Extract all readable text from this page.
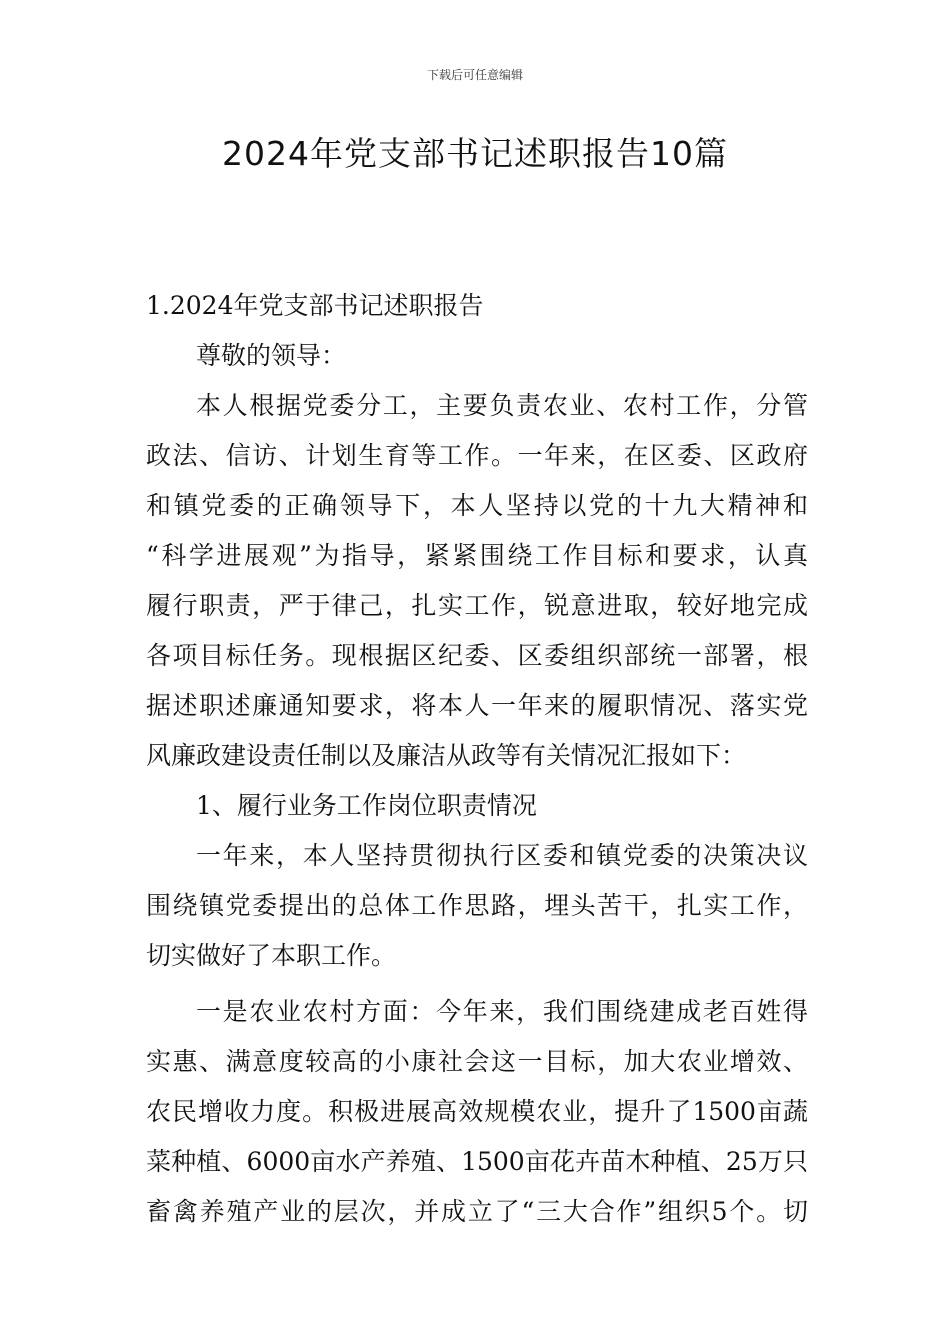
下载后可任意编辑
2024年党支部书记述职报告10篇
1.2024年党支部书记述职报告
尊敬的领导：
本人根据党委分工，主要负责农业、农村工作，分管
政法、信访、计划生育等工作。一年来，在区委、区政府
和镇党委的正确领导下，本人坚持以党的十九大精神和
“科学进展观”为指导，紧紧围绕工作目标和要求，认真
履行职责，严于律己，扎实工作，锐意进取，较好地完成
各项目标任务。现根据区纪委、区委组织部统一部署，根
据述职述廉通知要求，将本人一年来的履职情况、落实党
风廉政建设责任制以及廉洁从政等有关情况汇报如下：
1、履行业务工作岗位职责情况
一年来，本人坚持贯彻执行区委和镇党委的决策决议
围绕镇党委提出的总体工作思路，埋头苦干，扎实工作，
切实做好了本职工作。
一是农业农村方面：今年来，我们围绕建成老百姓得
实惠、满意度较高的小康社会这一目标，加大农业增效、
农民增收力度。积极进展高效规模农业，提升了1500亩蔬
菜种植、6000亩水产养殖、1500亩花卉苗木种植、25万只
畜禽养殖产业的层次，并成立了“三大合作”组织5个。切
